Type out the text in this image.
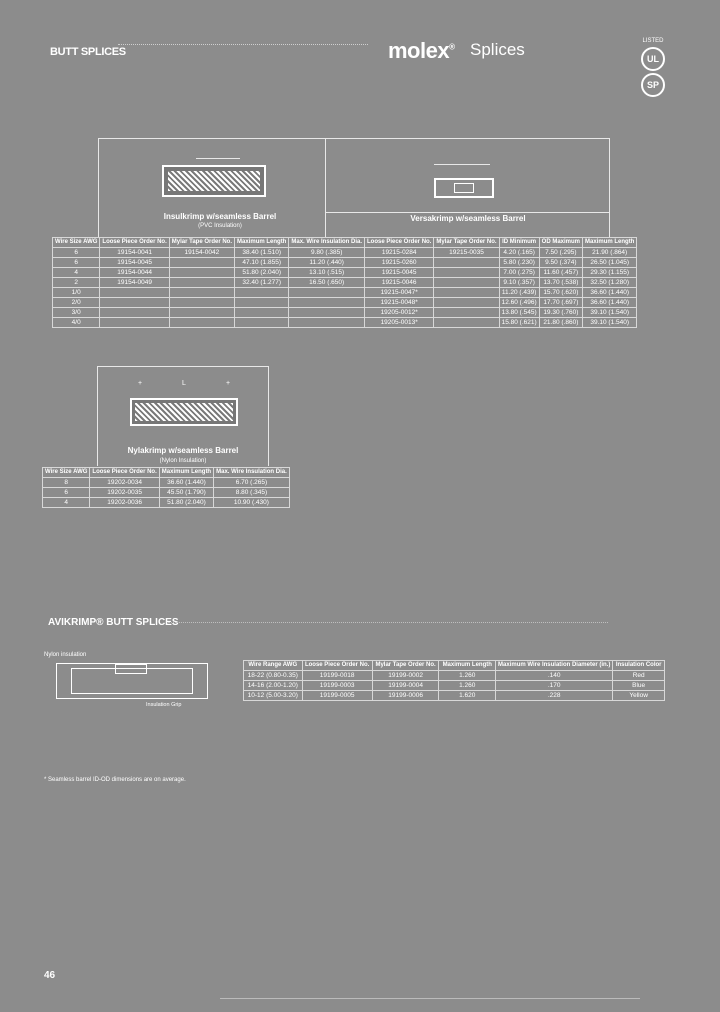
BUTT SPLICES	molex® Splices	LISTED
UL
SP
Insulkrimp w/seamless Barrel
(PVC Insulation)
Versakrimp w/seamless Barrel
Wire Size AWG	Loose Piece Order No.	Mylar Tape Order No.	Maximum Length	Max. Wire Insulation Dia.	Loose Piece Order No.	Mylar Tape Order No.	ID Minimum	OD Maximum	Maximum Length
6	19154-0041	19154-0042	38.40 (1.510)	9.80 (.385)	19215-0284	19215-0035	4.20 (.165)	7.50 (.295)	21.90 (.864)
6	19154-0045		47.10 (1.855)	11.20 (.440)	19215-0260		5.80 (.230)	9.50 (.374)	26.50 (1.045)
4	19154-0044		51.80 (2.040)	13.10 (.515)	19215-0045		7.00 (.275)	11.60 (.457)	29.30 (1.155)
2	19154-0049		32.40 (1.277)	16.50 (.650)	19215-0046		9.10 (.357)	13.70 (.538)	32.50 (1.280)
1/0					19215-0047*		11.20 (.439)	15.70 (.620)	36.60 (1.440)
2/0					19215-0048*		12.60 (.496)	17.70 (.697)	36.60 (1.440)
3/0					19205-0012*		13.80 (.545)	19.30 (.760)	39.10 (1.540)
4/0					19205-0013*		15.80 (.621)	21.80 (.860)	39.10 (1.540)
+	L	+
Nylakrimp w/seamless Barrel
(Nylon Insulation)
Wire Size AWG	Loose Piece Order No.	Maximum Length	Max. Wire Insulation Dia.
8	19202-0034	36.60 (1.440)	6.70 (.265)
6	19202-0035	45.50 (1.790)	8.80 (.345)
4	19202-0036	51.80 (2.040)	10.90 (.430)
AVIKRIMP® BUTT SPLICES
Nylon insulation
Insulation Grip
Wire Range AWG	Loose Piece Order No.	Mylar Tape Order No.	Maximum Length	Maximum Wire Insulation Diameter (in.)	Insulation Color
18-22 (0.80-0.35)	19199-0018	19199-0002	1.260	.140	Red
14-16 (2.00-1.20)	19199-0003	19199-0004	1.260	.170	Blue
10-12 (5.00-3.20)	19199-0005	19199-0006	1.620	.228	Yellow
* Seamless barrel ID-OD dimensions are on average.
46
